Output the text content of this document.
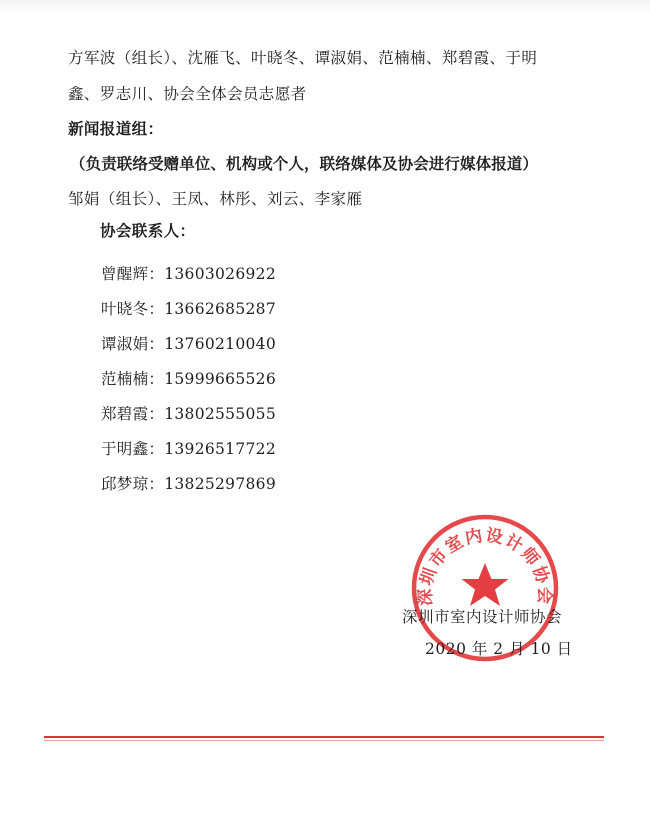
方军波（组长）、沈雁飞、叶晓冬、谭淑娟、范楠楠、郑碧霞、于明
鑫、罗志川、协会全体会员志愿者
新闻报道组：
（负责联络受赠单位、机构或个人，联络媒体及协会进行媒体报道）
邹娟（组长）、王凤、林彤、刘云、李家雁
协会联系人：
曾醒辉：13603026922
叶晓冬：13662685287
谭淑娟：13760210040
范楠楠：15999665526
郑碧霞：13802555055
于明鑫：13926517722
邱梦琼：13825297869
深圳市室内设计师协会
深圳市室内设计师协会
2020 年 2 月 10 日
